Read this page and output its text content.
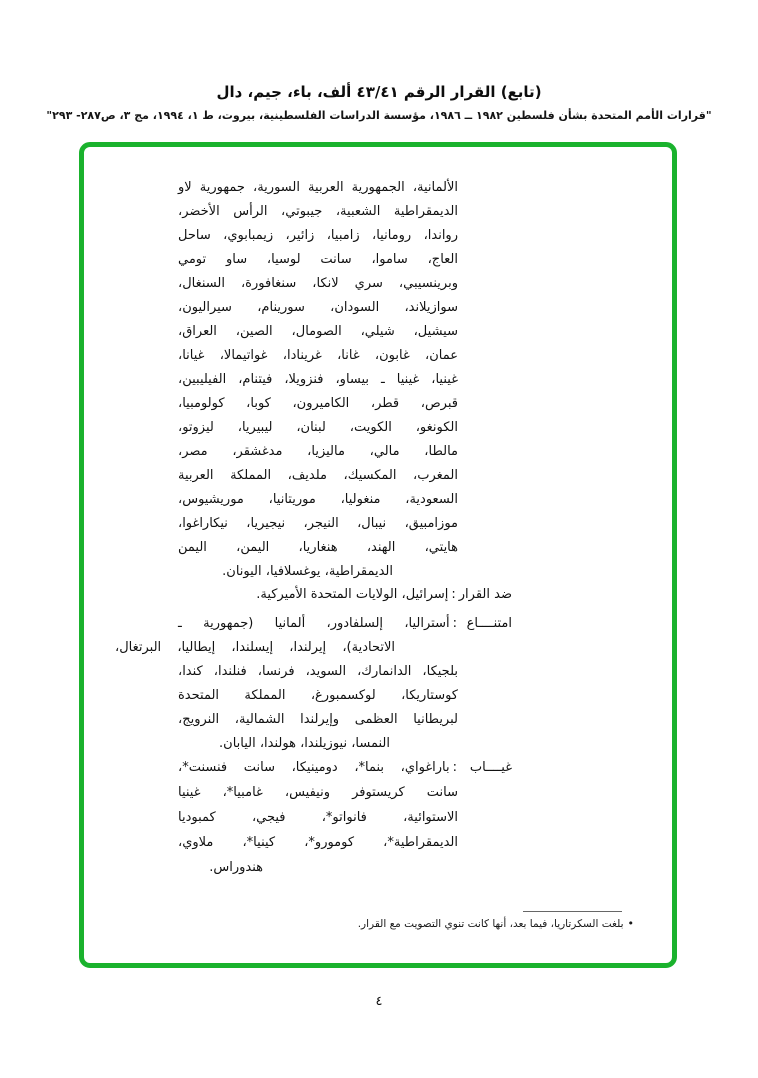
(تابع) القرار الرقم ٤٣/٤١ ألف، باء، جيم، دال
"قرارات الأمم المتحدة بشأن فلسطين ١٩٨٢ ــ ١٩٨٦، مؤسسة الدراسات الفلسطينية، بيروت، ط ١، ١٩٩٤، مج ٣، ص٢٨٧- ٢٩٣"
الألمانية، الجمهورية العربية السورية، جمهورية لاو
الديمقراطية الشعبية، جيبوتي، الرأس الأخضر،
رواندا، رومانيا، زامبيا، زائير، زيمبابوي، ساحل
العاج، ساموا، سانت لوسيا، ساو تومي
وبرينسيبي، سري لانكا، سنغافورة، السنغال،
سوازيلاند، السودان، سورينام، سيراليون،
سيشيل، شيلي، الصومال، الصين، العراق،
عمان، غابون، غانا، غرينادا، غواتيمالا، غيانا،
غينيا، غينيا ـ بيساو، فنزويلا، فيتنام، الفيليبين،
قبرص، قطر، الكاميرون، كوبا، كولومبيا،
الكونغو، الكويت، لبنان، ليبيريا، ليزوتو،
مالطا، مالي، ماليزيا، مدغشقر، مصر،
المغرب، المكسيك، ملديف، المملكة العربية
السعودية، منغوليا، موريتانيا، موريشيوس،
موزامبيق، نيبال، النيجر، نيجيريا، نيكاراغوا،
هايتي، الهند، هنغاريا، اليمن، اليمن
الديمقراطية، يوغسلافيا، اليونان.
ضد القرار:إسرائيل، الولايات المتحدة الأميركية.
امتنــــاع:أستراليا، إلسلفادور، ألمانيا (جمهورية ـ
الاتحادية)، إيرلندا، إيسلندا، إيطاليا، البرتغال،
بلجيكا، الدانمارك، السويد، فرنسا، فنلندا، كندا،
كوستاريكا، لوكسمبورغ، المملكة المتحدة
لبريطانيا العظمى وإيرلندا الشمالية، النرويج،
النمسا، نيوزيلندا، هولندا، اليابان.
غيــــاب:باراغواي، بنما*، دومينيكا، سانت فنسنت*،
سانت كريستوفر ونيفيس، غامبيا*، غينيا
الاستوائية، فانواتو*، فيجي، كمبوديا
الديمقراطية*، كومورو*، كينيا*، ملاوي،
هندوراس.
•بلغت السكرتاريا، فيما بعد، أنها كانت تنوي التصويت مع القرار.
٤
